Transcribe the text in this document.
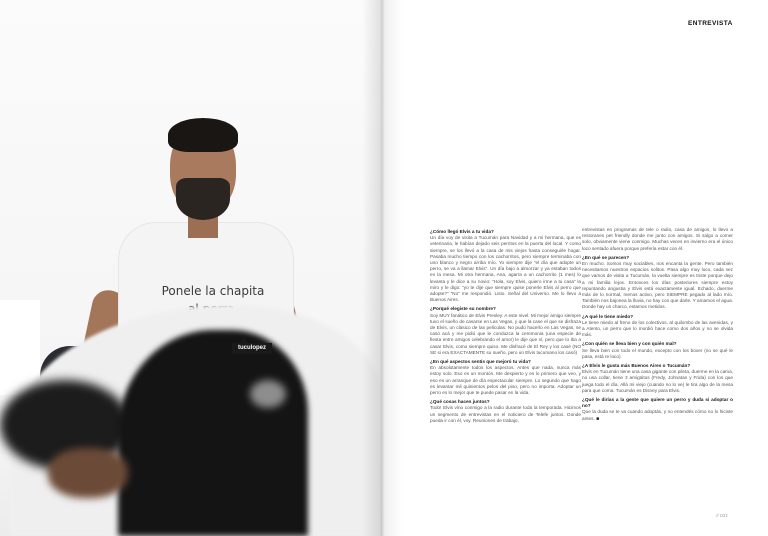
Ponele la chapita
tuculopez
ENTREVISTA

¿Cómo llegó Elvis a tu vida?

Un día voy de visita a Tucumán para Navidad y a mi hermana, que es veterinaria, le habían dejado seis perritos en la puerta del local. Y como siempre, se los llevó a la casa de mis viejos hasta conseguirle hogar. Pasaba mucho tiempo con los cachorritos, pero siempre terminaba con uno blanco y negro arriba mío. Yo siempre dije “el día que adopte un perro, se va a llamar Elvis”. Un día bajo a almorzar y ya estaban todos en la mesa. Mi otra hermana, Ana, agarra a un cachorrito (1 mes) lo levanta y le dice a su novio: “Hola, soy Elvis, quiero irme a tu casa” la miro y le digo: “yo te dije que siempre quise ponerle Elvis al perro que adopte?” “No” me respondió. Listo. Señal del Universo. Me lo llevo a Buenos Aires.

¿Porqué elegiste su nombre?

Soy MUY fanático de Elvis Presley. A este nivel. Mi mejor amigo siempre tuvo el sueño de casarse en Las Vegas, y que la case el que se disfraza de Elvis, un clásico de las películas. No pudo hacerlo en Las Vegas, se casó acá y me pidió que le conduzca la ceremonia (una especie de fiesta entre amigos celebrando el amor) le dije que sí, pero que lo iba a casar Elvis, como siempre quiso. Me disfracé de El Rey y los casé (NO SE si era EXACTAMENTE su sueño, pero un Elvis tucumano los casó)

¿En qué aspectos sentís que mejoró tu vida?

En absolutamente todos los aspectos. Antes que nada, nunca más estoy solo. Eso es un montón. Me despierto y es lo primero que veo, y eso es un arranque de día espectacular siempre. Lo segundo que hago es levantar mil quinientos pelos del piso, pero no importa. Adoptar un perro es lo mejor que te puede pasar en la vida.

¿Qué cosas hacen juntos?

Todo! Elvis vino conmigo a la radio durante toda la temporada. Hicimos un segmento de entrevistas en el noticiero de Telefe juntos. Donde pueda ir con él, voy. Reuniones de trabajo,

entrevistas en programas de tele o radio, casa de amigos, lo llevo a restoranes pet friendly donde me junto con amigos. Si salgo a comer solo, obviamente viene conmigo. Muchas veces en invierno era el único loco sentado afuera porque prefería estar con él.

¿En qué se parecen?

En mucho. Somos muy sociables, nos encanta la gente. Pero también necesitamos nuestros espacios solitos. Pasa algo muy loco, cada vez que vamos de visita a Tucumán, la vuelta siempre es triste porque dejo a mi familia lejos. Entonces los días posteriores siempre estoy repuntando angustia y Elvis está exactamente igual. Echado, duerme más de lo normal, menos activo, pero SIEMPRE pegado al lado mío. También nos bajonea la lluvia, no hay con que darle. Y amamos el agua. Donde hay un charco, estamos metidos.

¿A qué le tiene miedo?

Le tiene miedo al freno de los colectivos, al quilombo de las avenidas, y a Atento, un perro que lo mordió hace como dos años y no se olvida más.

¿Con quién se lleva bien y con quién mal?

Se lleva bien con todo el mundo, excepto con los boxer (no se qué le pasa, está re loco)

¿A Elvis le gusta más Buenos Aires o Tucumán?

Elvis en Tucumán tiene una casa gigante con pileta, duerme en la cama, no usa collar, tiene 3 amigüitos (Fredy, Johnatan y Frida) con los que juega todo el día. Allá mi viejo (cuando no lo ve) le tira algo de la mesa para que coma. Tucumán es Disney para Elvis.

¿Qué le dirías a la gente que quiere un perro y duda si adoptar o no?

Que la duda se te va cuando adoptás, y no entendés cómo no lo hiciste antes. ■

// 031
